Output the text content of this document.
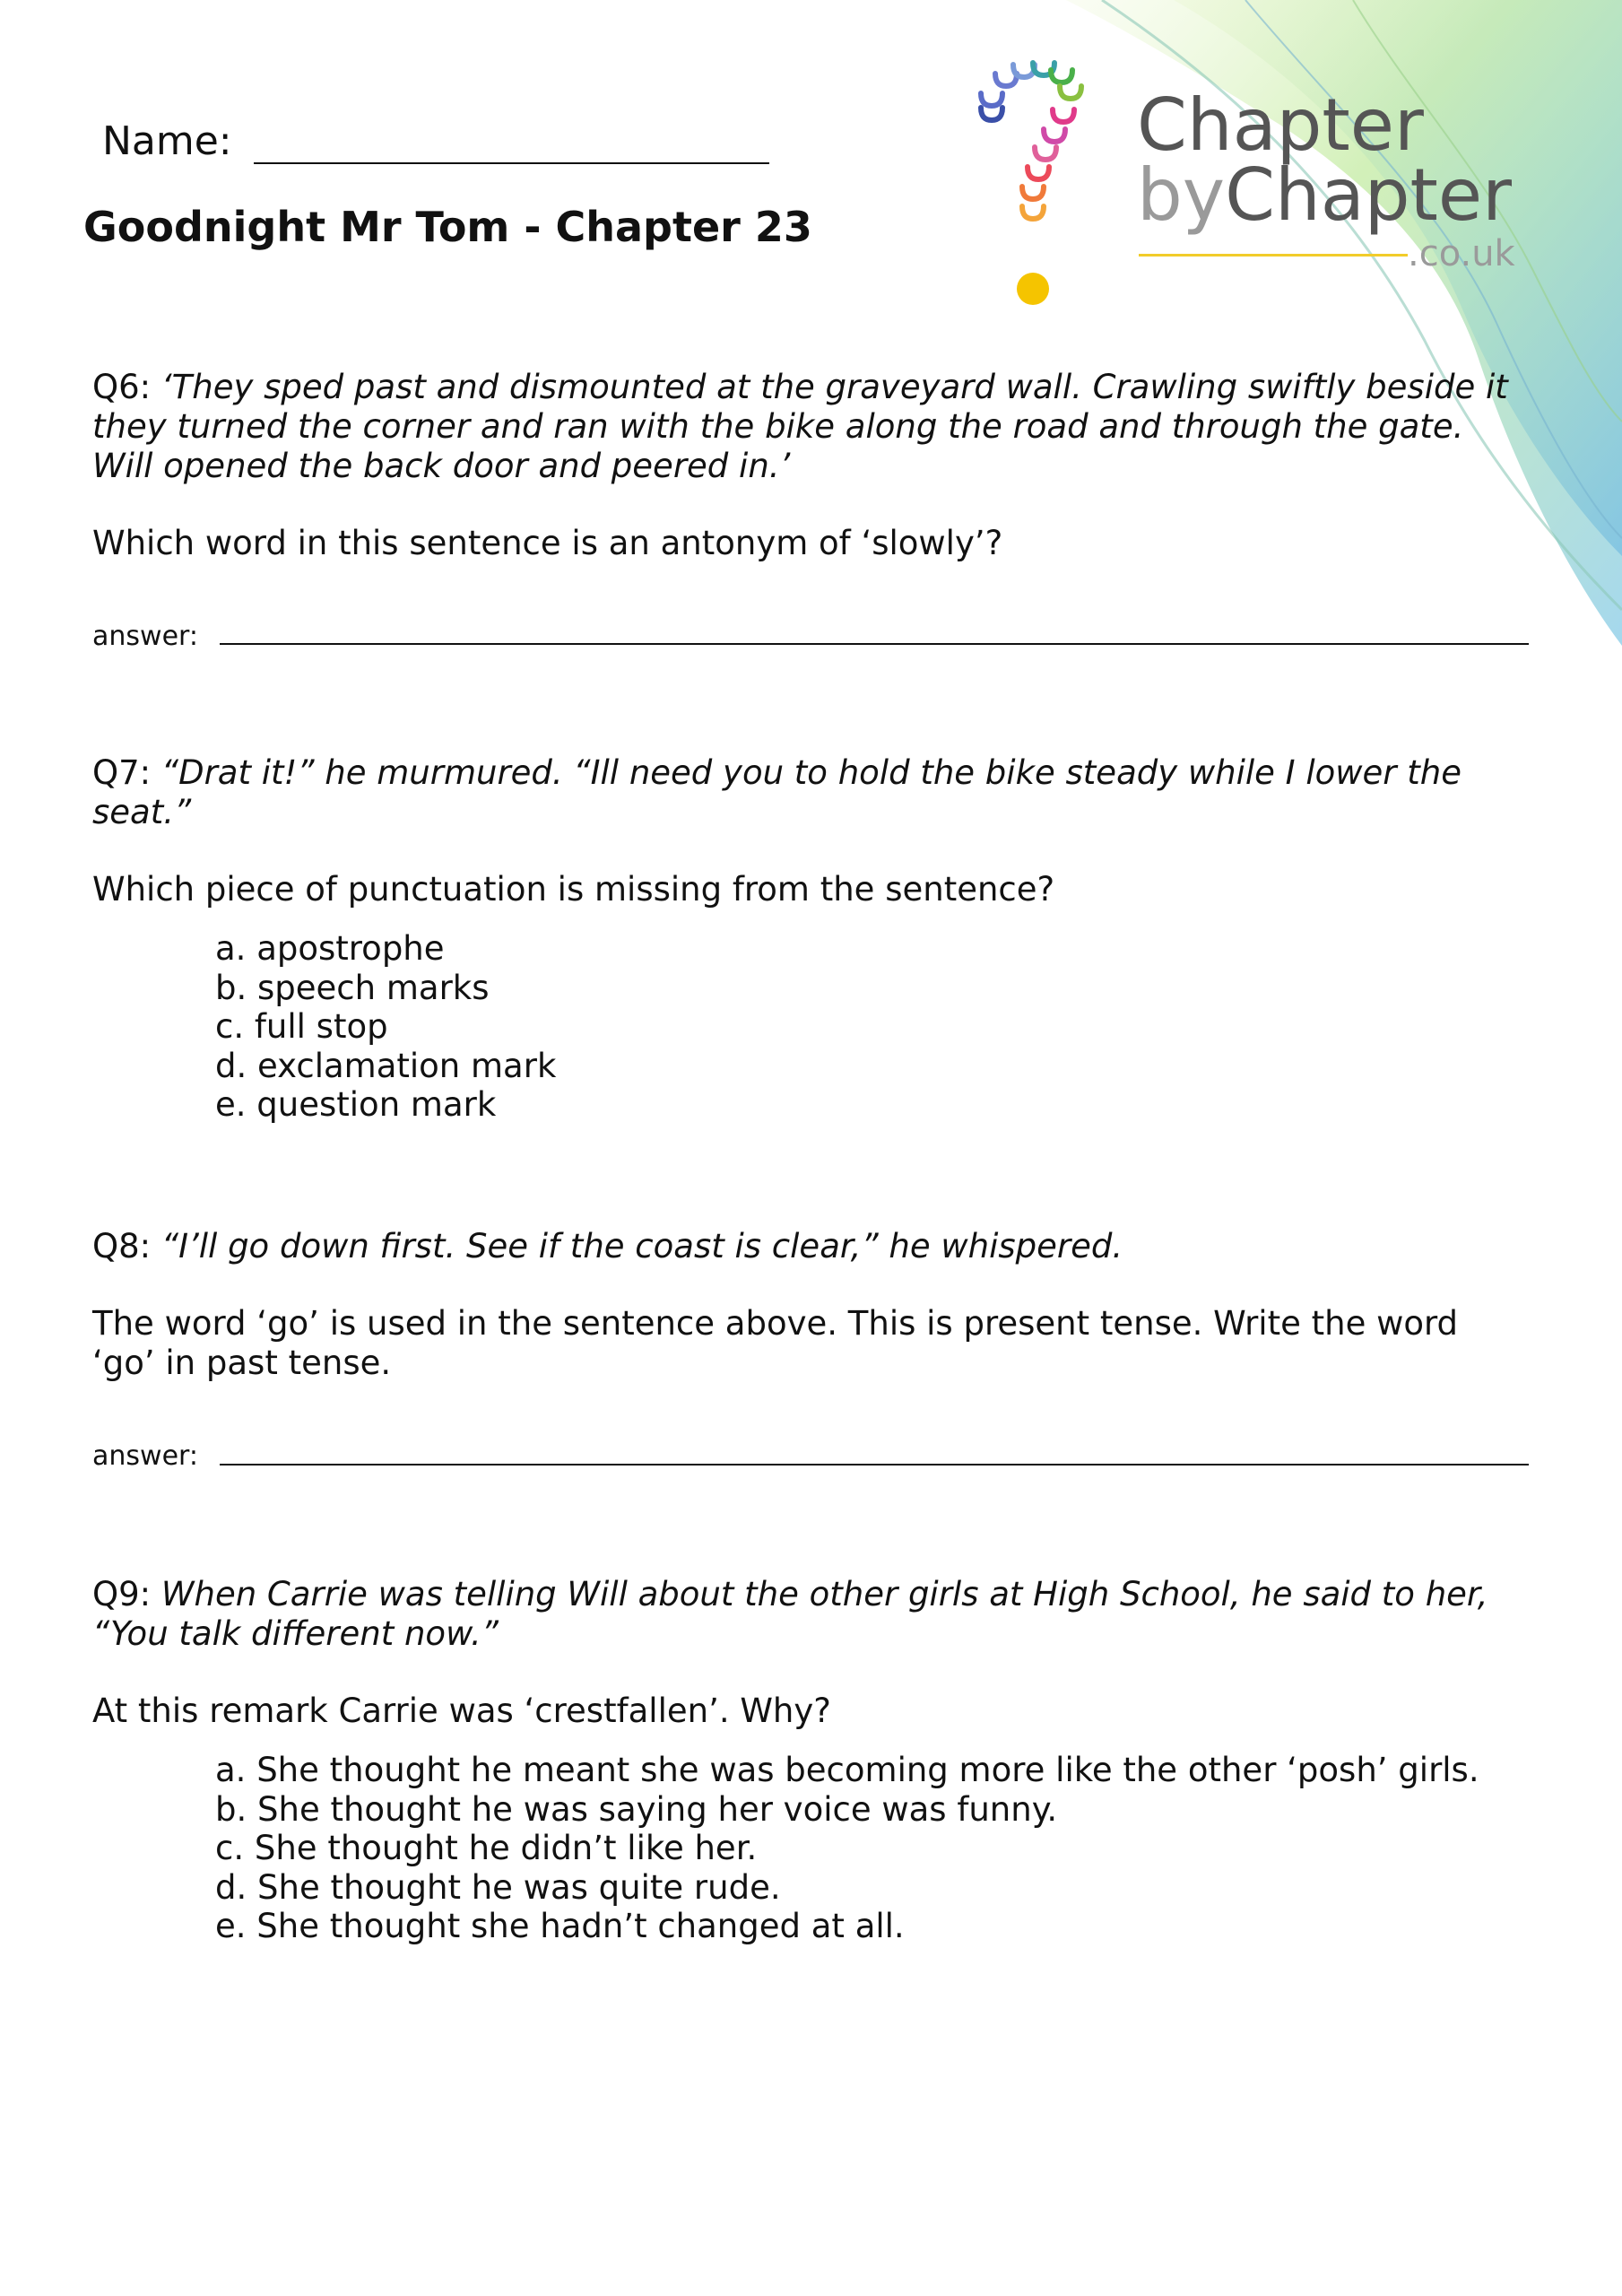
Name:
Goodnight Mr Tom - Chapter 23
Chapter
byChapter
.co.uk
Q6: ‘They sped past and dismounted at the graveyard wall. Crawling swiftly beside it they turned the corner and ran with the bike along the road and through the gate. Will opened the back door and peered in.’
Which word in this sentence is an antonym of ‘slowly’?
answer:
Q7: “Drat it!” he murmured. “Ill need you to hold the bike steady while I lower the seat.”
Which piece of punctuation is missing from the sentence?
a. apostrophe
b. speech marks
c. full stop
d. exclamation mark
e. question mark
Q8: “I’ll go down first. See if the coast is clear,” he whispered.
The word ‘go’ is used in the sentence above. This is present tense. Write the word ‘go’ in past tense.
answer:
Q9: When Carrie was telling Will about the other girls at High School, he said to her, “You talk different now.”
At this remark Carrie was ‘crestfallen’. Why?
a. She thought he meant she was becoming more like the other ‘posh’ girls.
b. She thought he was saying her voice was funny.
c. She thought he didn’t like her.
d. She thought he was quite rude.
e. She thought she hadn’t changed at all.
